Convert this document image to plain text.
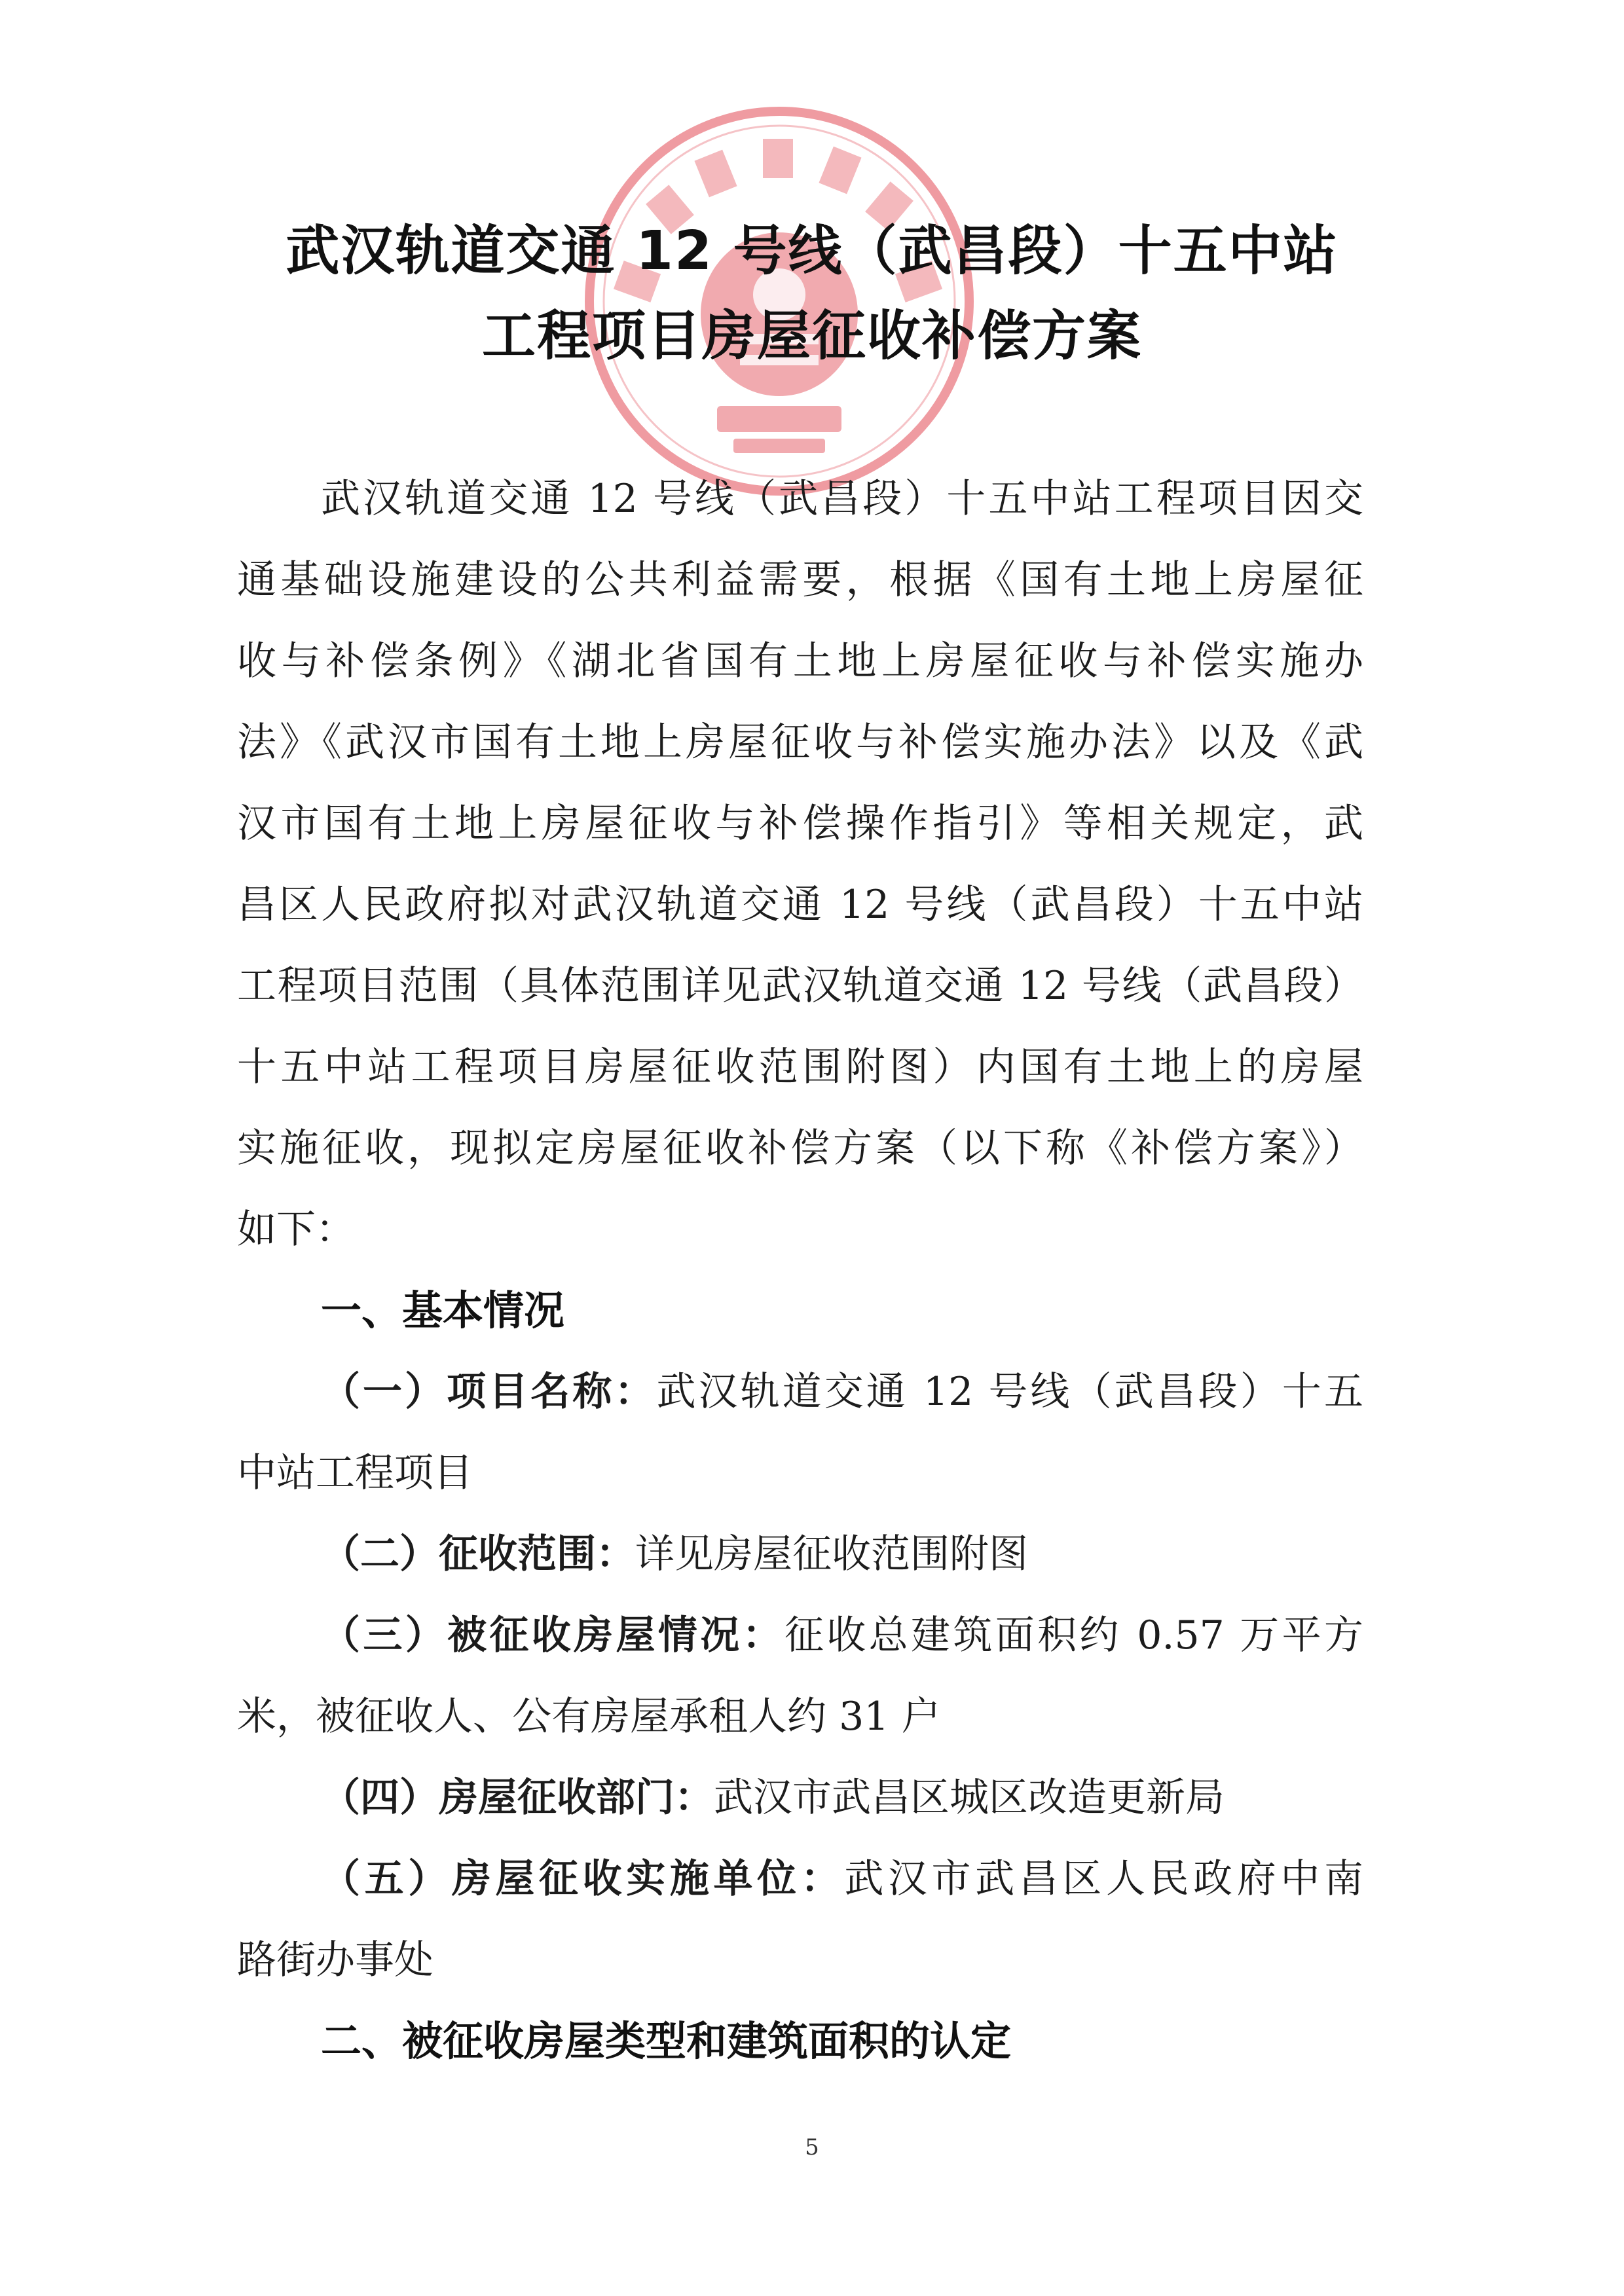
武汉轨道交通 12 号线（武昌段）十五中站
工程项目房屋征收补偿方案
武汉轨道交通 12 号线（武昌段）十五中站工程项目因交
通基础设施建设的公共利益需要，根据《国有土地上房屋征
收与补偿条例》《湖北省国有土地上房屋征收与补偿实施办
法》《武汉市国有土地上房屋征收与补偿实施办法》以及《武
汉市国有土地上房屋征收与补偿操作指引》等相关规定，武
昌区人民政府拟对武汉轨道交通 12 号线（武昌段）十五中站
工程项目范围（具体范围详见武汉轨道交通 12 号线（武昌段）
十五中站工程项目房屋征收范围附图）内国有土地上的房屋
实施征收，现拟定房屋征收补偿方案（以下称《补偿方案》）
如下：
一、基本情况
（一）项目名称：武汉轨道交通 12 号线（武昌段）十五
中站工程项目
（二）征收范围：详见房屋征收范围附图
（三）被征收房屋情况：征收总建筑面积约 0.57 万平方
米，被征收人、公有房屋承租人约 31 户
（四）房屋征收部门：武汉市武昌区城区改造更新局
（五）房屋征收实施单位：武汉市武昌区人民政府中南
路街办事处
二、被征收房屋类型和建筑面积的认定
5
